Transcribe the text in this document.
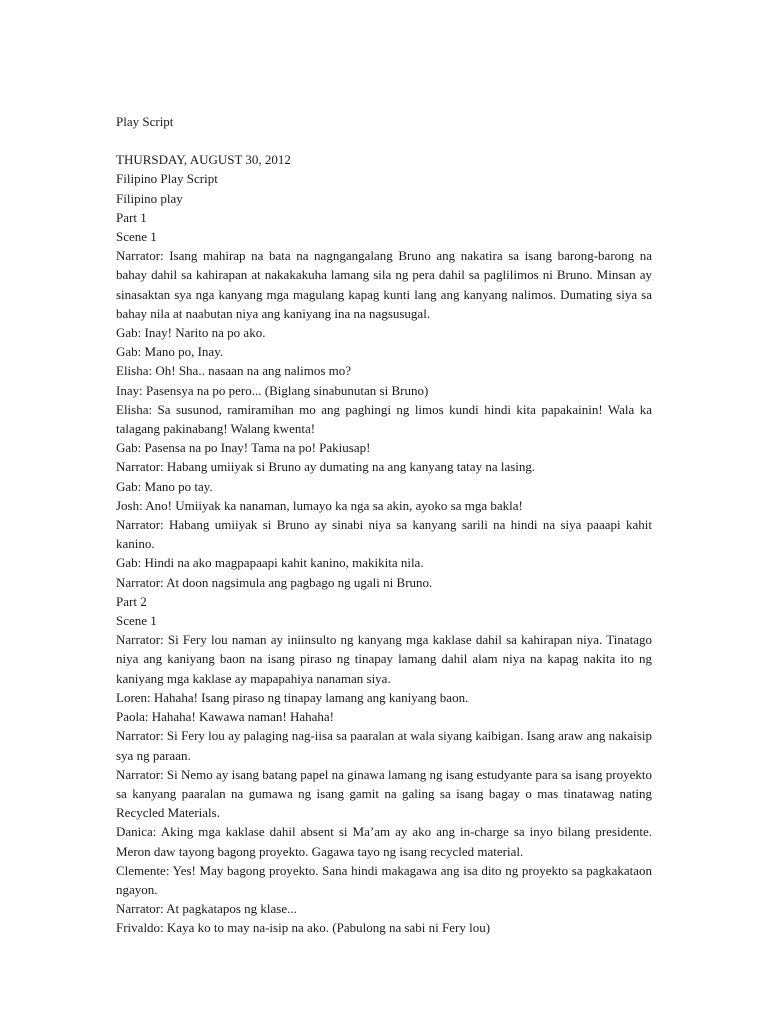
Play Script

THURSDAY, AUGUST 30, 2012

Filipino Play Script

Filipino play

Part 1

Scene 1

Narrator: Isang mahirap na bata na nagngangalang Bruno ang nakatira sa isang barong-barong na bahay dahil sa kahirapan at nakakakuha lamang sila ng pera dahil sa paglilimos ni Bruno. Minsan ay sinasaktan sya nga kanyang mga magulang kapag kunti lang ang kanyang nalimos. Dumating siya sa bahay nila at naabutan niya ang kaniyang ina na nagsusugal.

Gab: Inay! Narito na po ako.

Gab: Mano po, Inay.

Elisha: Oh! Sha.. nasaan na ang nalimos mo?

Inay: Pasensya na po pero... (Biglang sinabunutan si Bruno)

Elisha: Sa susunod, ramiramihan mo ang paghingi ng limos kundi hindi kita papakainin! Wala ka talagang pakinabang! Walang kwenta!

Gab: Pasensa na po Inay! Tama na po! Pakiusap!

Narrator: Habang umiiyak si Bruno ay dumating na ang kanyang tatay na lasing.

Gab: Mano po tay.

Josh: Ano! Umiiyak ka nanaman, lumayo ka nga sa akin, ayoko sa mga bakla!

Narrator: Habang umiiyak si Bruno ay sinabi niya sa kanyang sarili na hindi na siya paaapi kahit kanino.

Gab: Hindi na ako magpapaapi kahit kanino, makikita nila.

Narrator: At doon nagsimula ang pagbago ng ugali ni Bruno.

Part 2

Scene 1

Narrator: Si Fery lou naman ay iniinsulto ng kanyang mga kaklase dahil sa kahirapan niya. Tinatago niya ang kaniyang baon na isang piraso ng tinapay lamang dahil alam niya na kapag nakita ito ng kaniyang mga kaklase ay mapapahiya nanaman siya.

Loren: Hahaha! Isang piraso ng tinapay lamang ang kaniyang baon.

Paola: Hahaha! Kawawa naman! Hahaha!

Narrator: Si Fery lou ay palaging nag-iisa sa paaralan at wala siyang kaibigan. Isang araw ang nakaisip sya ng paraan.

Narrator: Si Nemo ay isang batang papel na ginawa lamang ng isang estudyante para sa isang proyekto sa kanyang paaralan na gumawa ng isang gamit na galing sa isang bagay o mas tinatawag nating Recycled Materials.

Danica: Aking mga kaklase dahil absent si Ma’am ay ako ang in-charge sa inyo bilang presidente. Meron daw tayong bagong proyekto. Gagawa tayo ng isang recycled material.

Clemente: Yes! May bagong proyekto. Sana hindi makagawa ang isa dito ng proyekto sa pagkakataon ngayon.

Narrator: At pagkatapos ng klase...

Frivaldo: Kaya ko to may na-isip na ako. (Pabulong na sabi ni Fery lou)
